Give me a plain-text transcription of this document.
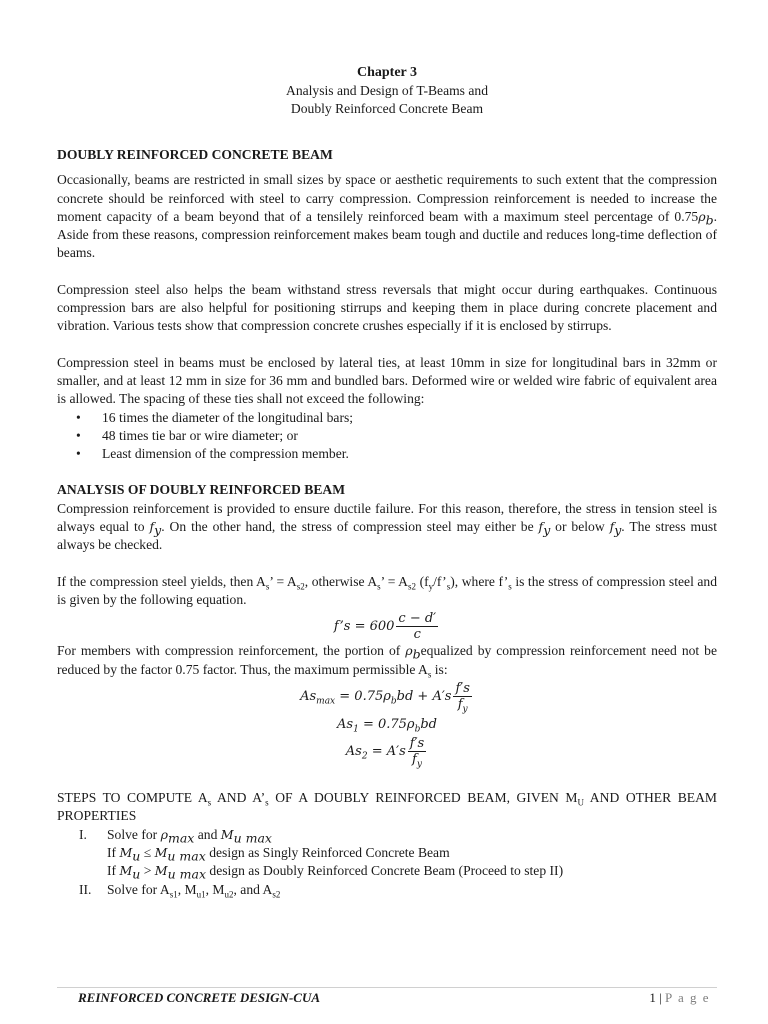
Chapter 3
Analysis and Design of T-Beams and
Doubly Reinforced Concrete Beam
DOUBLY REINFORCED CONCRETE BEAM

Occasionally, beams are restricted in small sizes by space or aesthetic requirements to such extent that the compression concrete should be reinforced with steel to carry compression. Compression reinforcement is needed to increase the moment capacity of a beam beyond that of a tensilely reinforced beam with a maximum steel percentage of $0.75\rho_b$. Aside from these reasons, compression reinforcement makes beam tough and ductile and reduces long-time deflection of beams.

Compression steel also helps the beam withstand stress reversals that might occur during earthquakes. Continuous compression bars are also helpful for positioning stirrups and keeping them in place during concrete placement and vibration. Various tests show that compression concrete crushes especially if it is enclosed by stirrups.

Compression steel in beams must be enclosed by lateral ties, at least 10mm in size for longitudinal bars in 32mm or smaller, and at least 12 mm in size for 36 mm and bundled bars. Deformed wire or welded wire fabric of equivalent area is allowed. The spacing of these ties shall not exceed the following:

• 16 times the diameter of the longitudinal bars;
• 48 times tie bar or wire diameter; or
• Least dimension of the compression member.
ANALYSIS OF DOUBLY REINFORCED BEAM

Compression reinforcement is provided to ensure ductile failure. For this reason, therefore, the stress in tension steel is always equal to $f_y$. On the other hand, the stress of compression steel may either be $f_y$ or below $f_y$. The stress must always be checked.

If the compression steel yields, then $A_s$’ = $A_{s2}$, otherwise $A_s$’ = $A_{s2}$ $(f_y/f’_s)$, where $f’_s$ is the stress of compression steel and is given by the following equation.

f’s = $600 \frac{c - d'}{c}$

For members with compression reinforcement, the portion of $\rho_bequalized$ by compression reinforcement need not be reduced by the factor 0.75 factor. Thus, the maximum permissible $A_s$ is:

$As_{max} = 0.75\rho_bbd + A's \frac{f's}{f_y}$
$As_1 = 0.75\rho_bbd$
$As_2 = A's \frac{f's}{f_y}$

STEPS TO COMPUTE $A_s$ AND $A’_s$ OF A DOUBLY REINFORCED BEAM, GIVEN $M_U$ AND OTHER BEAM PROPERTIES

I. Solve for $\rho_{max}$ and $M_{u max}$
If $M_u \le M_{u max}$ design as Singly Reinforced Concrete Beam
If $M_u > M_{u max}$ design as Doubly Reinforced Concrete Beam (Proceed to step II)
II. Solve for $A_{s1}$, $M_{u1}$, $M_{u2}$, and $A_{s2}$
REINFORCED CONCRETE DESIGN-CUA	1 | P a g e
